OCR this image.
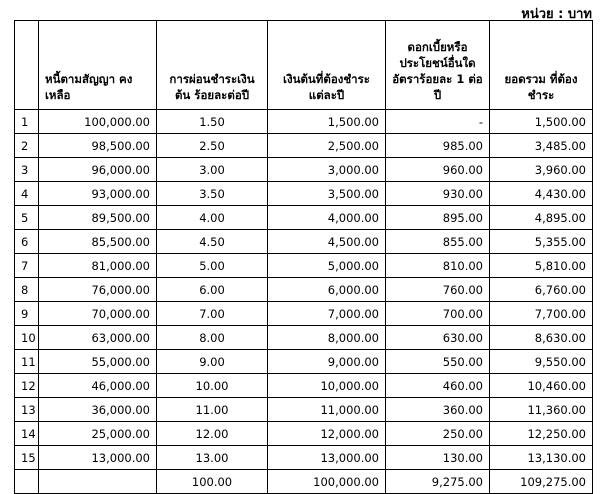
หน่วย : บาท
	หนี้ตามสัญญา คงเหลือ	การผ่อนชำระเงินต้น ร้อยละต่อปี	เงินต้นที่ต้องชำระ แต่ละปี	ดอกเบี้ยหรือ ประโยชน์อื่นใด อัตราร้อยละ 1 ต่อ ปี	ยอดรวม ที่ต้องชำระ
1	100,000.00	1.50	1,500.00	-	1,500.00
2	98,500.00	2.50	2,500.00	985.00	3,485.00
3	96,000.00	3.00	3,000.00	960.00	3,960.00
4	93,000.00	3.50	3,500.00	930.00	4,430.00
5	89,500.00	4.00	4,000.00	895.00	4,895.00
6	85,500.00	4.50	4,500.00	855.00	5,355.00
7	81,000.00	5.00	5,000.00	810.00	5,810.00
8	76,000.00	6.00	6,000.00	760.00	6,760.00
9	70,000.00	7.00	7,000.00	700.00	7,700.00
10	63,000.00	8.00	8,000.00	630.00	8,630.00
11	55,000.00	9.00	9,000.00	550.00	9,550.00
12	46,000.00	10.00	10,000.00	460.00	10,460.00
13	36,000.00	11.00	11,000.00	360.00	11,360.00
14	25,000.00	12.00	12,000.00	250.00	12,250.00
15	13,000.00	13.00	13,000.00	130.00	13,130.00
		100.00	100,000.00	9,275.00	109,275.00
